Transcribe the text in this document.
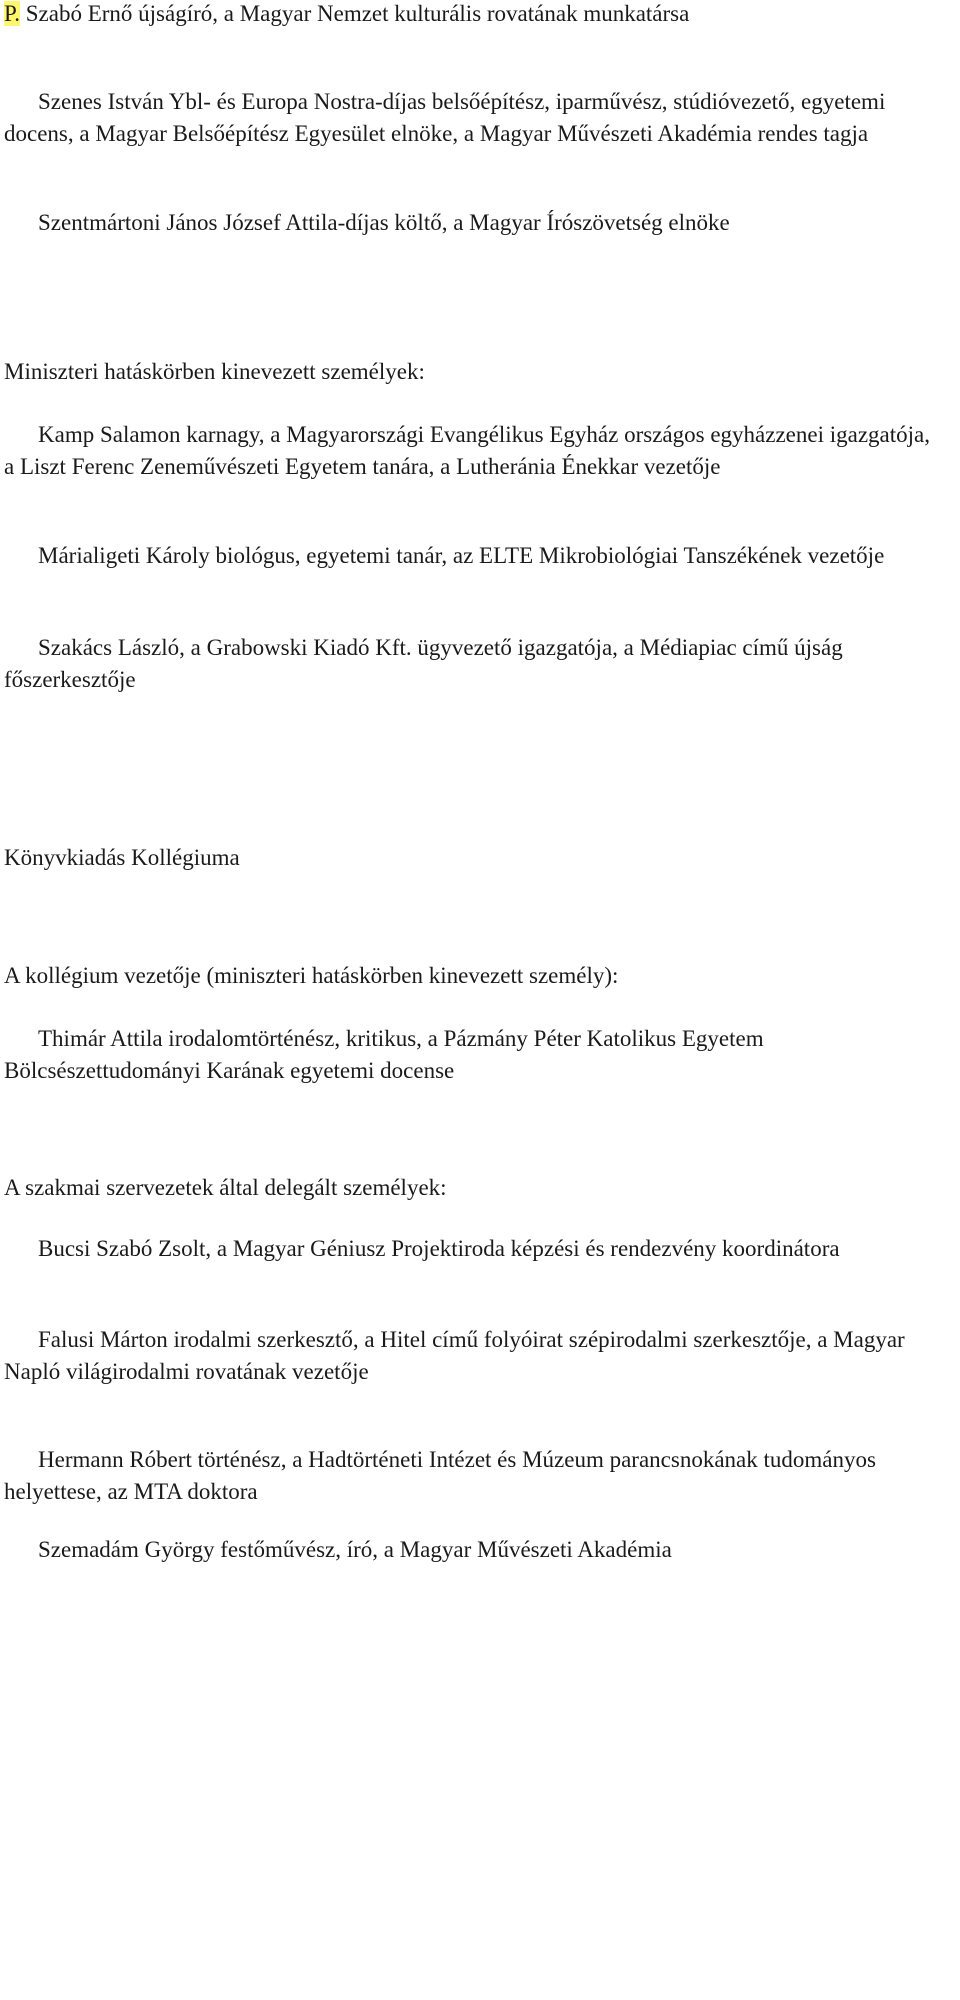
P. Szabó Ernő újságíró, a Magyar Nemzet kulturális rovatának munkatársa

Szenes István Ybl- és Europa Nostra-díjas belsőépítész, iparművész, stúdióvezető, egyetemi docens, a Magyar Belsőépítész Egyesület elnöke, a Magyar Művészeti Akadémia rendes tagja

Szentmártoni János József Attila-díjas költő, a Magyar Írószövetség elnöke

Miniszteri hatáskörben kinevezett személyek:

Kamp Salamon karnagy, a Magyarországi Evangélikus Egyház országos egyházzenei igazgatója, a Liszt Ferenc Zeneművészeti Egyetem tanára, a Lutheránia Énekkar vezetője

Márialigeti Károly biológus, egyetemi tanár, az ELTE Mikrobiológiai Tanszékének vezetője

Szakács László, a Grabowski Kiadó Kft. ügyvezető igazgatója, a Médiapiac című újság főszerkesztője

Könyvkiadás Kollégiuma

A kollégium vezetője (miniszteri hatáskörben kinevezett személy):

Thimár Attila irodalomtörténész, kritikus, a Pázmány Péter Katolikus Egyetem Bölcsészettudományi Karának egyetemi docense

A szakmai szervezetek által delegált személyek:

Bucsi Szabó Zsolt, a Magyar Géniusz Projektiroda képzési és rendezvény koordinátora

Falusi Márton irodalmi szerkesztő, a Hitel című folyóirat szépirodalmi szerkesztője, a Magyar Napló világirodalmi rovatának vezetője

Hermann Róbert történész, a Hadtörténeti Intézet és Múzeum parancsnokának tudományos helyettese, az MTA doktora

Szemadám György festőművész, író, a Magyar Művészeti Akadémia
